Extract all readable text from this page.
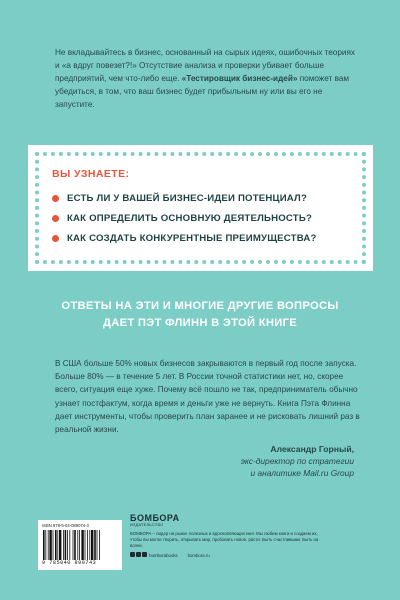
Не вкладывайтесь в бизнес, основанный на сырых идеях, ошибочных теориях и «а вдруг повезет?!» Отсутствие анализа и проверки убивает больше предприятий, чем что-либо еще. «Тестировщик бизнес-идей» поможет вам убедиться, в том, что ваш бизнес будет прибыльным ну или вы его не запустите.
ВЫ УЗНАЕТЕ:
ЕСТЬ ЛИ У ВАШЕЙ БИЗНЕС-ИДЕИ ПОТЕНЦИАЛ?
КАК ОПРЕДЕЛИТЬ ОСНОВНУЮ ДЕЯТЕЛЬНОСТЬ?
КАК СОЗДАТЬ КОНКУРЕНТНЫЕ ПРЕИМУЩЕСТВА?
ОТВЕТЫ НА ЭТИ И МНОГИЕ ДРУГИЕ ВОПРОСЫ
ДАЕТ ПЭТ ФЛИНН В ЭТОЙ КНИГЕ
В США больше 50% новых бизнесов закрываются в первый год после запуска. Больше 80% — в течение 5 лет. В России точной статистики нет, но, скорее всего, ситуация еще хуже. Почему всё пошло не так, предприниматель обычно узнает постфактум, когда время и деньги уже не вернуть. Книга Пэта Флинна дает инструменты, чтобы проверить план заранее и не рисковать лишний раз в реальной жизни.
Александр Горный,
экс-директор по стратегии
и аналитике Mail.ru Group
ISBN 978-5-04-089074-3
9 785040 890743
БОМБОРА
ИЗДАТЕЛЬСТВО
БОМБОРА – лидер на рынке полезных и вдохновляющих книг. Мы любим книги и создаем их, чтобы вы могли творить, открывать мир, пробовать новое, расти. Быть счастливыми. Быть на волне.
bomborabooks bombora.ru
